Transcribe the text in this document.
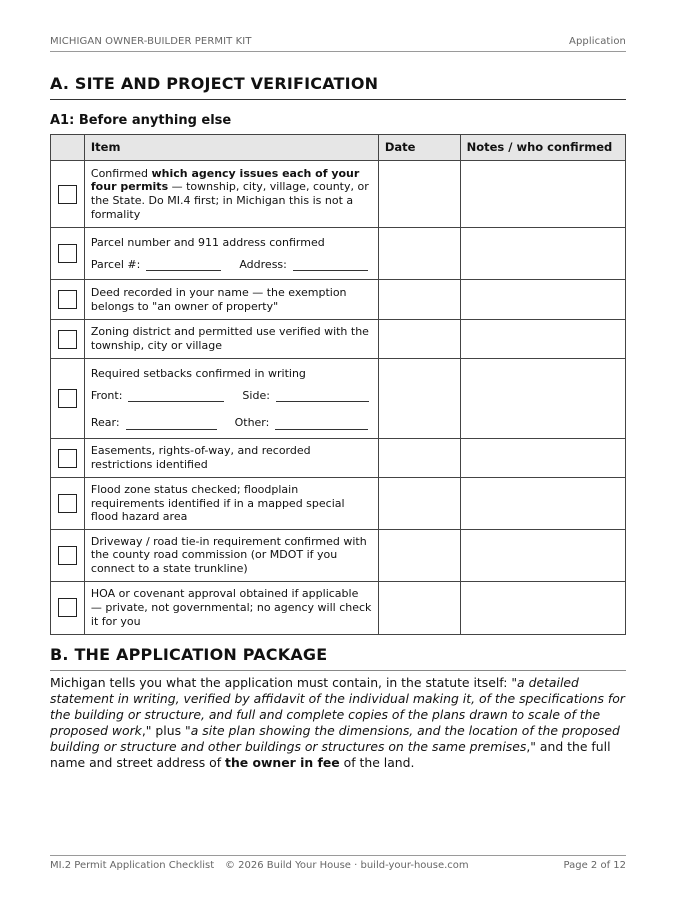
MICHIGAN OWNER-BUILDER PERMIT KIT	Application
A. SITE AND PROJECT VERIFICATION
A1: Before anything else
	Item	Date	Notes / who confirmed
	Confirmed which agency issues each of your four permits — township, city, village, county, or the State. Do MI.4 first; in Michigan this is not a formality		

	Parcel number and 911 address confirmed
Parcel #: Address:		

	Deed recorded in your name — the exemption belongs to "an owner of property"		
	Zoning district and permitted use verified with the township, city or village		

	Required setbacks confirmed in writing
Front: Side:
Rear: Other:		

	Easements, rights-of-way, and recorded restrictions identified		
	Flood zone status checked; floodplain requirements identified if in a mapped special flood hazard area		
	Driveway / road tie-in requirement confirmed with the county road commission (or MDOT if you connect to a state trunkline)		
	HOA or covenant approval obtained if applicable — private, not governmental; no agency will check it for you		
B. THE APPLICATION PACKAGE

Michigan tells you what the application must contain, in the statute itself: "a detailed statement in writing, verified by affidavit of the individual making it, of the specifications for the building or structure, and full and complete copies of the plans drawn to scale of the proposed work," plus "a site plan showing the dimensions, and the location of the proposed building or structure and other buildings or structures on the same premises," and the full name and street address of the owner in fee of the land.

MI.2 Permit Application Checklist	© 2026 Build Your House · build-your-house.com	Page 2 of 12
